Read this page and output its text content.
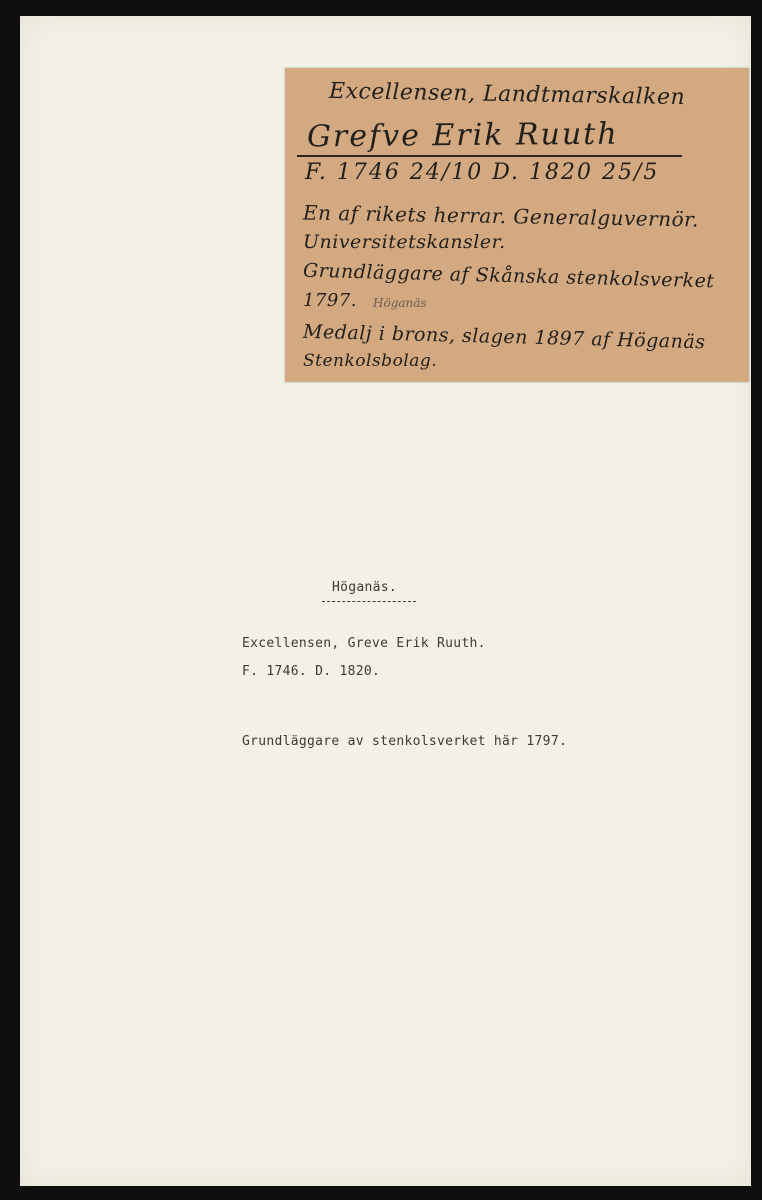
Excellensen, Landtmarskalken
Grefve Erik Ruuth
F. 1746 24/10 D. 1820 25/5
En af rikets herrar. Generalguvernör.
Universitetskansler.
Grundläggare af Skånska stenkolsverket
1797. Höganäs
Medalj i brons, slagen 1897 af Höganäs
Stenkolsbolag.
Höganäs.
Excellensen, Greve Erik Ruuth.
F. 1746. D. 1820.
Grundläggare av stenkolsverket här 1797.
